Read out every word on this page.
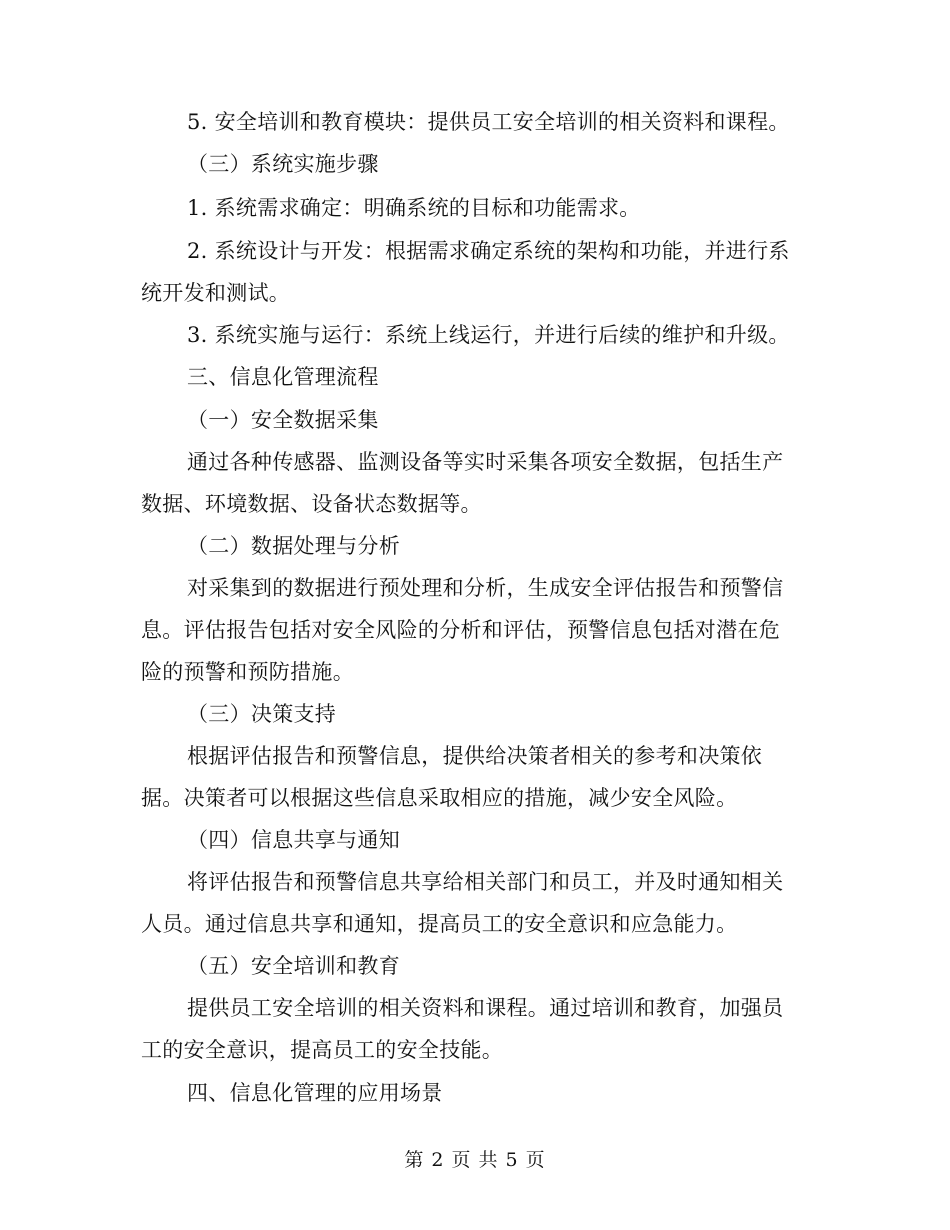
5. 安全培训和教育模块：提供员工安全培训的相关资料和课程。
（三）系统实施步骤
1. 系统需求确定：明确系统的目标和功能需求。
2. 系统设计与开发：根据需求确定系统的架构和功能，并进行系
统开发和测试。
3. 系统实施与运行：系统上线运行，并进行后续的维护和升级。
三、信息化管理流程
（一）安全数据采集
通过各种传感器、监测设备等实时采集各项安全数据，包括生产
数据、环境数据、设备状态数据等。
（二）数据处理与分析
对采集到的数据进行预处理和分析，生成安全评估报告和预警信
息。评估报告包括对安全风险的分析和评估，预警信息包括对潜在危
险的预警和预防措施。
（三）决策支持
根据评估报告和预警信息，提供给决策者相关的参考和决策依
据。决策者可以根据这些信息采取相应的措施，减少安全风险。
（四）信息共享与通知
将评估报告和预警信息共享给相关部门和员工，并及时通知相关
人员。通过信息共享和通知，提高员工的安全意识和应急能力。
（五）安全培训和教育
提供员工安全培训的相关资料和课程。通过培训和教育，加强员
工的安全意识，提高员工的安全技能。
四、信息化管理的应用场景
第 2 页 共 5 页
